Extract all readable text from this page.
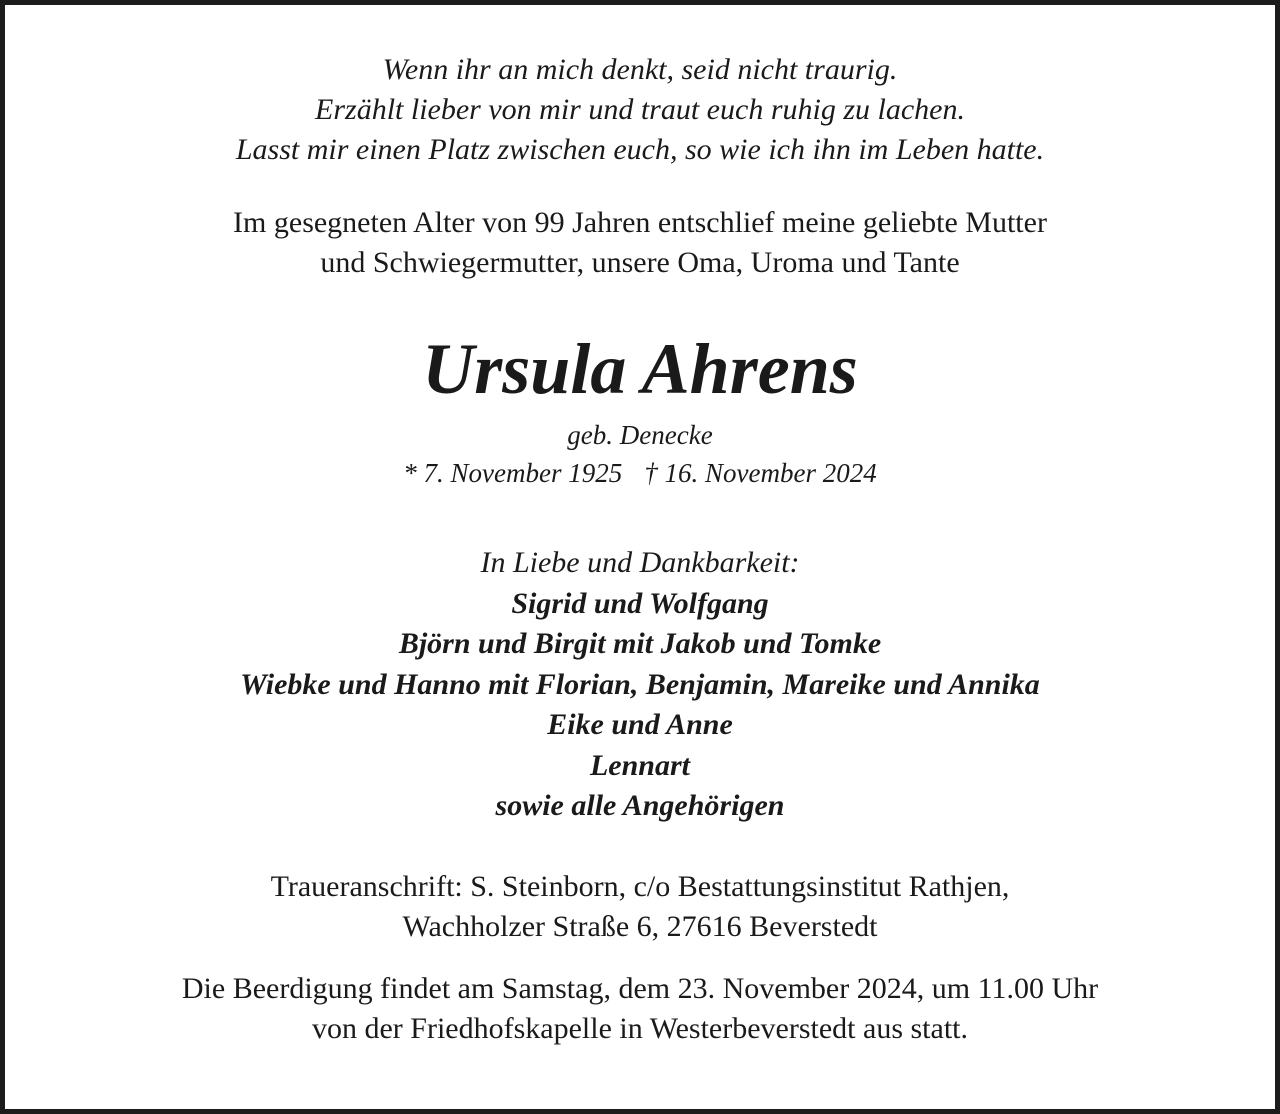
Wenn ihr an mich denkt, seid nicht traurig.
Erzählt lieber von mir und traut euch ruhig zu lachen.
Lasst mir einen Platz zwischen euch, so wie ich ihn im Leben hatte.
Im gesegneten Alter von 99 Jahren entschlief meine geliebte Mutter
und Schwiegermutter, unsere Oma, Uroma und Tante
Ursula Ahrens
geb. Denecke
* 7. November 1925 † 16. November 2024
In Liebe und Dankbarkeit:
Sigrid und Wolfgang
Björn und Birgit mit Jakob und Tomke
Wiebke und Hanno mit Florian, Benjamin, Mareike und Annika
Eike und Anne
Lennart
sowie alle Angehörigen
Traueranschrift: S. Steinborn, c/o Bestattungsinstitut Rathjen,
Wachholzer Straße 6, 27616 Beverstedt
Die Beerdigung findet am Samstag, dem 23. November 2024, um 11.00 Uhr
von der Friedhofskapelle in Westerbeverstedt aus statt.
